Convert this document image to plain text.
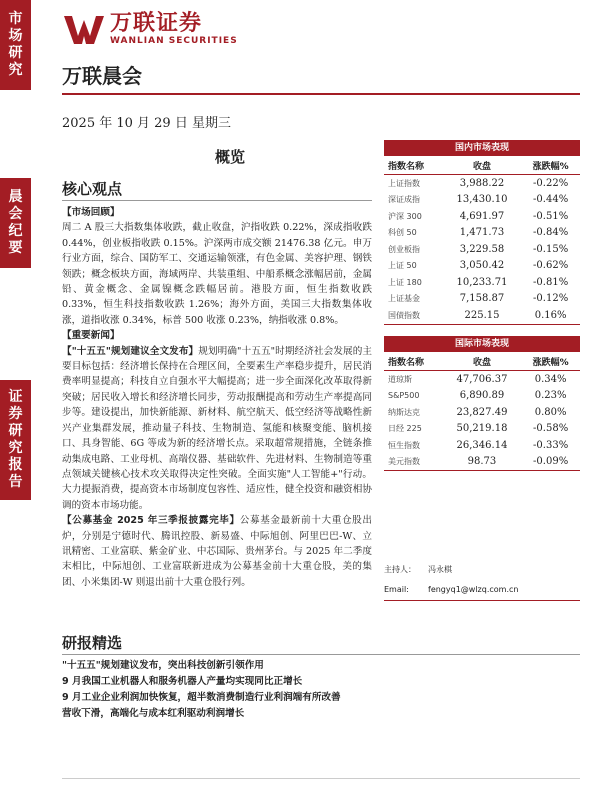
市
场
研
究
晨
会
纪
要
证
券
研
究
报
告
万联证券
WANLIAN SECURITIES
万联晨会
2025 年 10 月 29 日 星期三
概览
核心观点

【市场回顾】

周二 A 股三大指数集体收跌，截止收盘，沪指收跌 0.22%，深成指收跌 0.44%，创业板指收跌 0.15%。沪深两市成交额 21476.38 亿元。申万行业方面，综合、国防军工、交通运输领涨，有色金属、美容护理、钢铁领跌；概念板块方面，海域两岸、共装重组、中船系概念涨幅居前，金属铅、黄金概念、金属镍概念跌幅居前。港股方面，恒生指数收跌 0.33%，恒生科技指数收跌 1.26%；海外方面，美国三大指数集体收涨，道指收涨 0.34%，标普 500 收涨 0.23%，纳指收涨 0.8%。

【重要新闻】

【"十五五"规划建议全文发布】规划明确"十五五"时期经济社会发展的主要目标包括：经济增长保持在合理区间，全要素生产率稳步提升，居民消费率明显提高；科技自立自强水平大幅提高；进一步全面深化改革取得新突破；居民收入增长和经济增长同步，劳动报酬提高和劳动生产率提高同步等。建设提出，加快新能源、新材料、航空航天、低空经济等战略性新兴产业集群发展，推动量子科技、生物制造、氢能和核聚变能、脑机接口、具身智能、6G 等成为新的经济增长点。采取超常规措施，全链条推动集成电路、工业母机、高端仪器、基础软件、先进材料、生物制造等重点领域关键核心技术攻关取得决定性突破。全面实施"人工智能+"行动。大力提振消费，提高资本市场制度包容性、适应性，健全投资和融资相协调的资本市场功能。

【公募基金 2025 年三季报披露完毕】公募基金最新前十大重仓股出炉，分别是宁德时代、腾讯控股、新易盛、中际旭创、阿里巴巴-W、立讯精密、工业富联、紫金矿业、中芯国际、贵州茅台。与 2025 年二季度末相比，中际旭创、工业富联新进成为公募基金前十大重仓股，美的集团、小米集团-W 则退出前十大重仓股行列。

国内市场表现
指数名称	收盘	涨跌幅%
上证指数	3,988.22	-0.22%
深证成指	13,430.10	-0.44%
沪深 300	4,691.97	-0.51%
科创 50	1,471.73	-0.84%
创业板指	3,229.58	-0.15%
上证 50	3,050.42	-0.62%
上证 180	10,233.71	-0.81%
上证基金	7,158.87	-0.12%
国债指数	225.15	0.16%
国际市场表现
指数名称	收盘	涨跌幅%
道琼斯	47,706.37	0.34%
S&P500	6,890.89	0.23%
纳斯达克	23,827.49	0.80%
日经 225	50,219.18	-0.58%
恒生指数	26,346.14	-0.33%
美元指数	98.73	-0.09%
主持人： 冯永棋
Email: fengyq1@wlzq.com.cn
研报精选
"十五五"规划建议发布，突出科技创新引领作用
9 月我国工业机器人和服务机器人产量均实现同比正增长
9 月工业企业利润加快恢复，超半数消费制造行业利润端有所改善
营收下滑，高端化与成本红利驱动利润增长
